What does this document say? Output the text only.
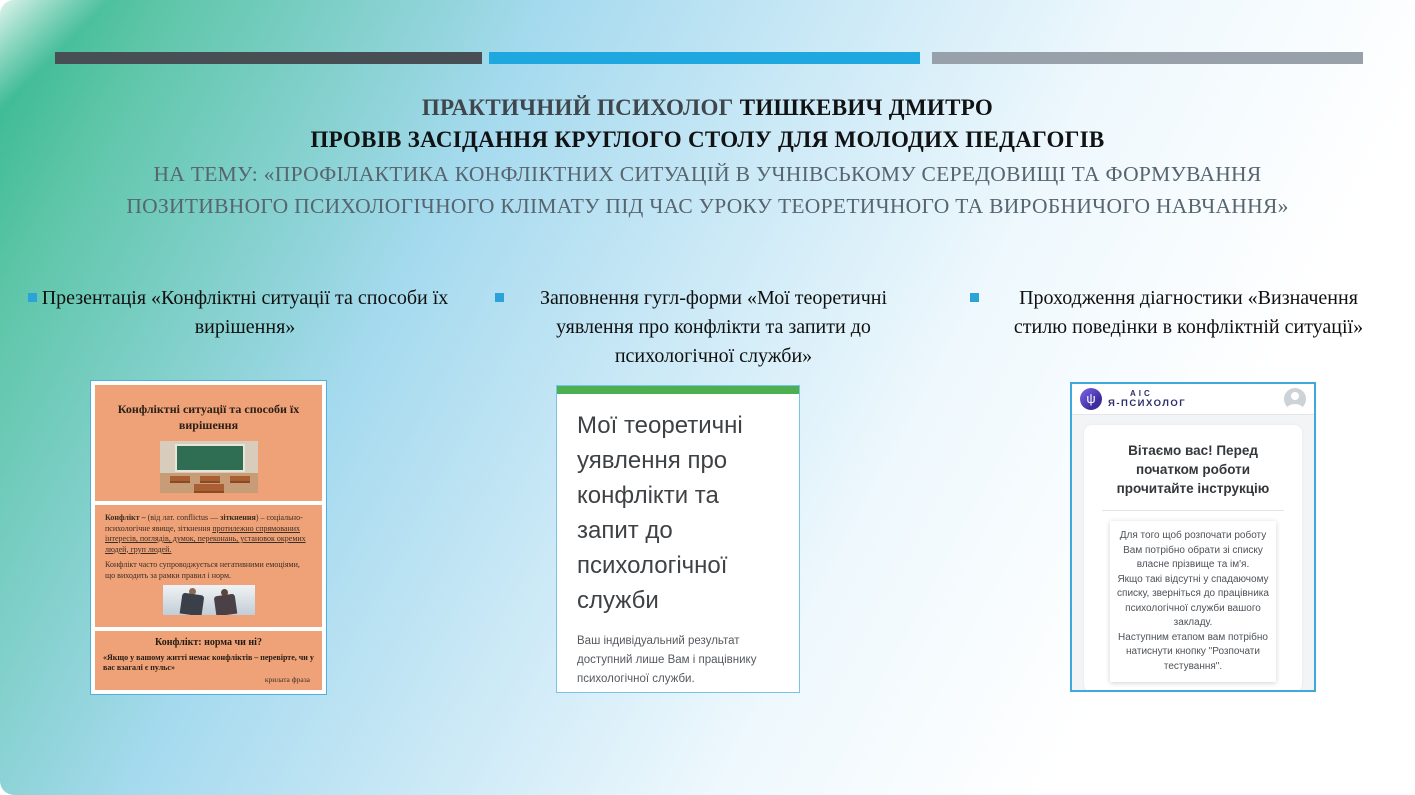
ПРАКТИЧНИЙ ПСИХОЛОГ ТИШКЕВИЧ ДМИТРО
ПРОВІВ ЗАСІДАННЯ КРУГЛОГО СТОЛУ ДЛЯ МОЛОДИХ ПЕДАГОГІВ
НА ТЕМУ: «ПРОФІЛАКТИКА КОНФЛІКТНИХ СИТУАЦІЙ В УЧНІВСЬКОМУ СЕРЕДОВИЩІ ТА ФОРМУВАННЯ ПОЗИТИВНОГО ПСИХОЛОГІЧНОГО КЛІМАТУ ПІД ЧАС УРОКУ ТЕОРЕТИЧНОГО ТА ВИРОБНИЧОГО НАВЧАННЯ»
Презентація «Конфліктні ситуації та способи їх вирішення»
Заповнення гугл-форми «Мої теоретичні уявлення про конфлікти та запити до психологічної служби»
Проходження діагностики «Визначення стилю поведінки в конфліктній ситуації»
Конфліктні ситуації та способи їх вирішення
Конфлікт – (від лат. conflictus — зіткнення) – соціально-психологічне явище, зіткнення протилежно спрямованих інтересів, поглядів, думок, переконань, установок окремих людей, груп людей.
Конфлікт часто супроводжується негативними емоціями, що виходить за рамки правил і норм.
Конфлікт: норма чи ні?
«Якщо у вашому житті немає конфліктів – перевірте, чи у вас взагалі є пульс»
крилата фраза
Мої теоретичні уявлення про конфлікти та запит до психологічної служби
Ваш індивідуальний результат доступний лише Вам і працівнику психологічної служби.
ψ	АІС
Я-ПСИХОЛОГ
Вітаємо вас! Перед початком роботи прочитайте інструкцію
Для того щоб розпочати роботу Вам потрібно обрати зі списку власне прізвище та ім'я.
Якщо такі відсутні у спадаючому списку, зверніться до працівника психологічної служби вашого закладу.
Наступним етапом вам потрібно натиснути кнопку "Розпочати тестування".
